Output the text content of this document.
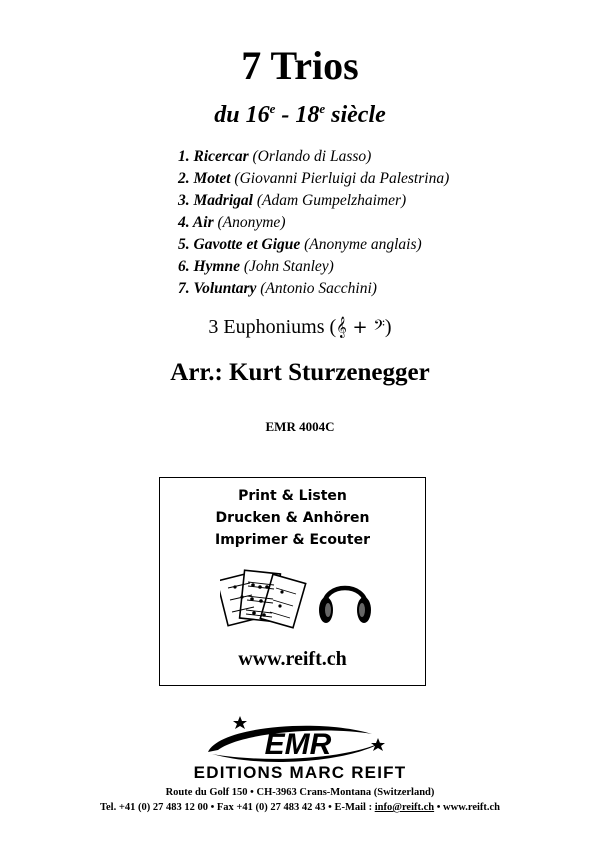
7 Trios
du 16e - 18e siècle
1. Ricercar (Orlando di Lasso)
2. Motet (Giovanni Pierluigi da Palestrina)
3. Madrigal (Adam Gumpelzhaimer)
4. Air (Anonyme)
5. Gavotte et Gigue (Anonyme anglais)
6. Hymne (John Stanley)
7. Voluntary (Antonio Sacchini)
3 Euphoniums (𝄞 + 𝄢)
Arr.: Kurt Sturzenegger
EMR 4004C
Print & Listen
Drucken & Anhören
Imprimer & Ecouter
www.reift.ch
EMR
EDITIONS MARC REIFT
Route du Golf 150 • CH-3963 Crans-Montana (Switzerland)
Tel. +41 (0) 27 483 12 00 • Fax +41 (0) 27 483 42 43 • E-Mail : info@reift.ch • www.reift.ch
